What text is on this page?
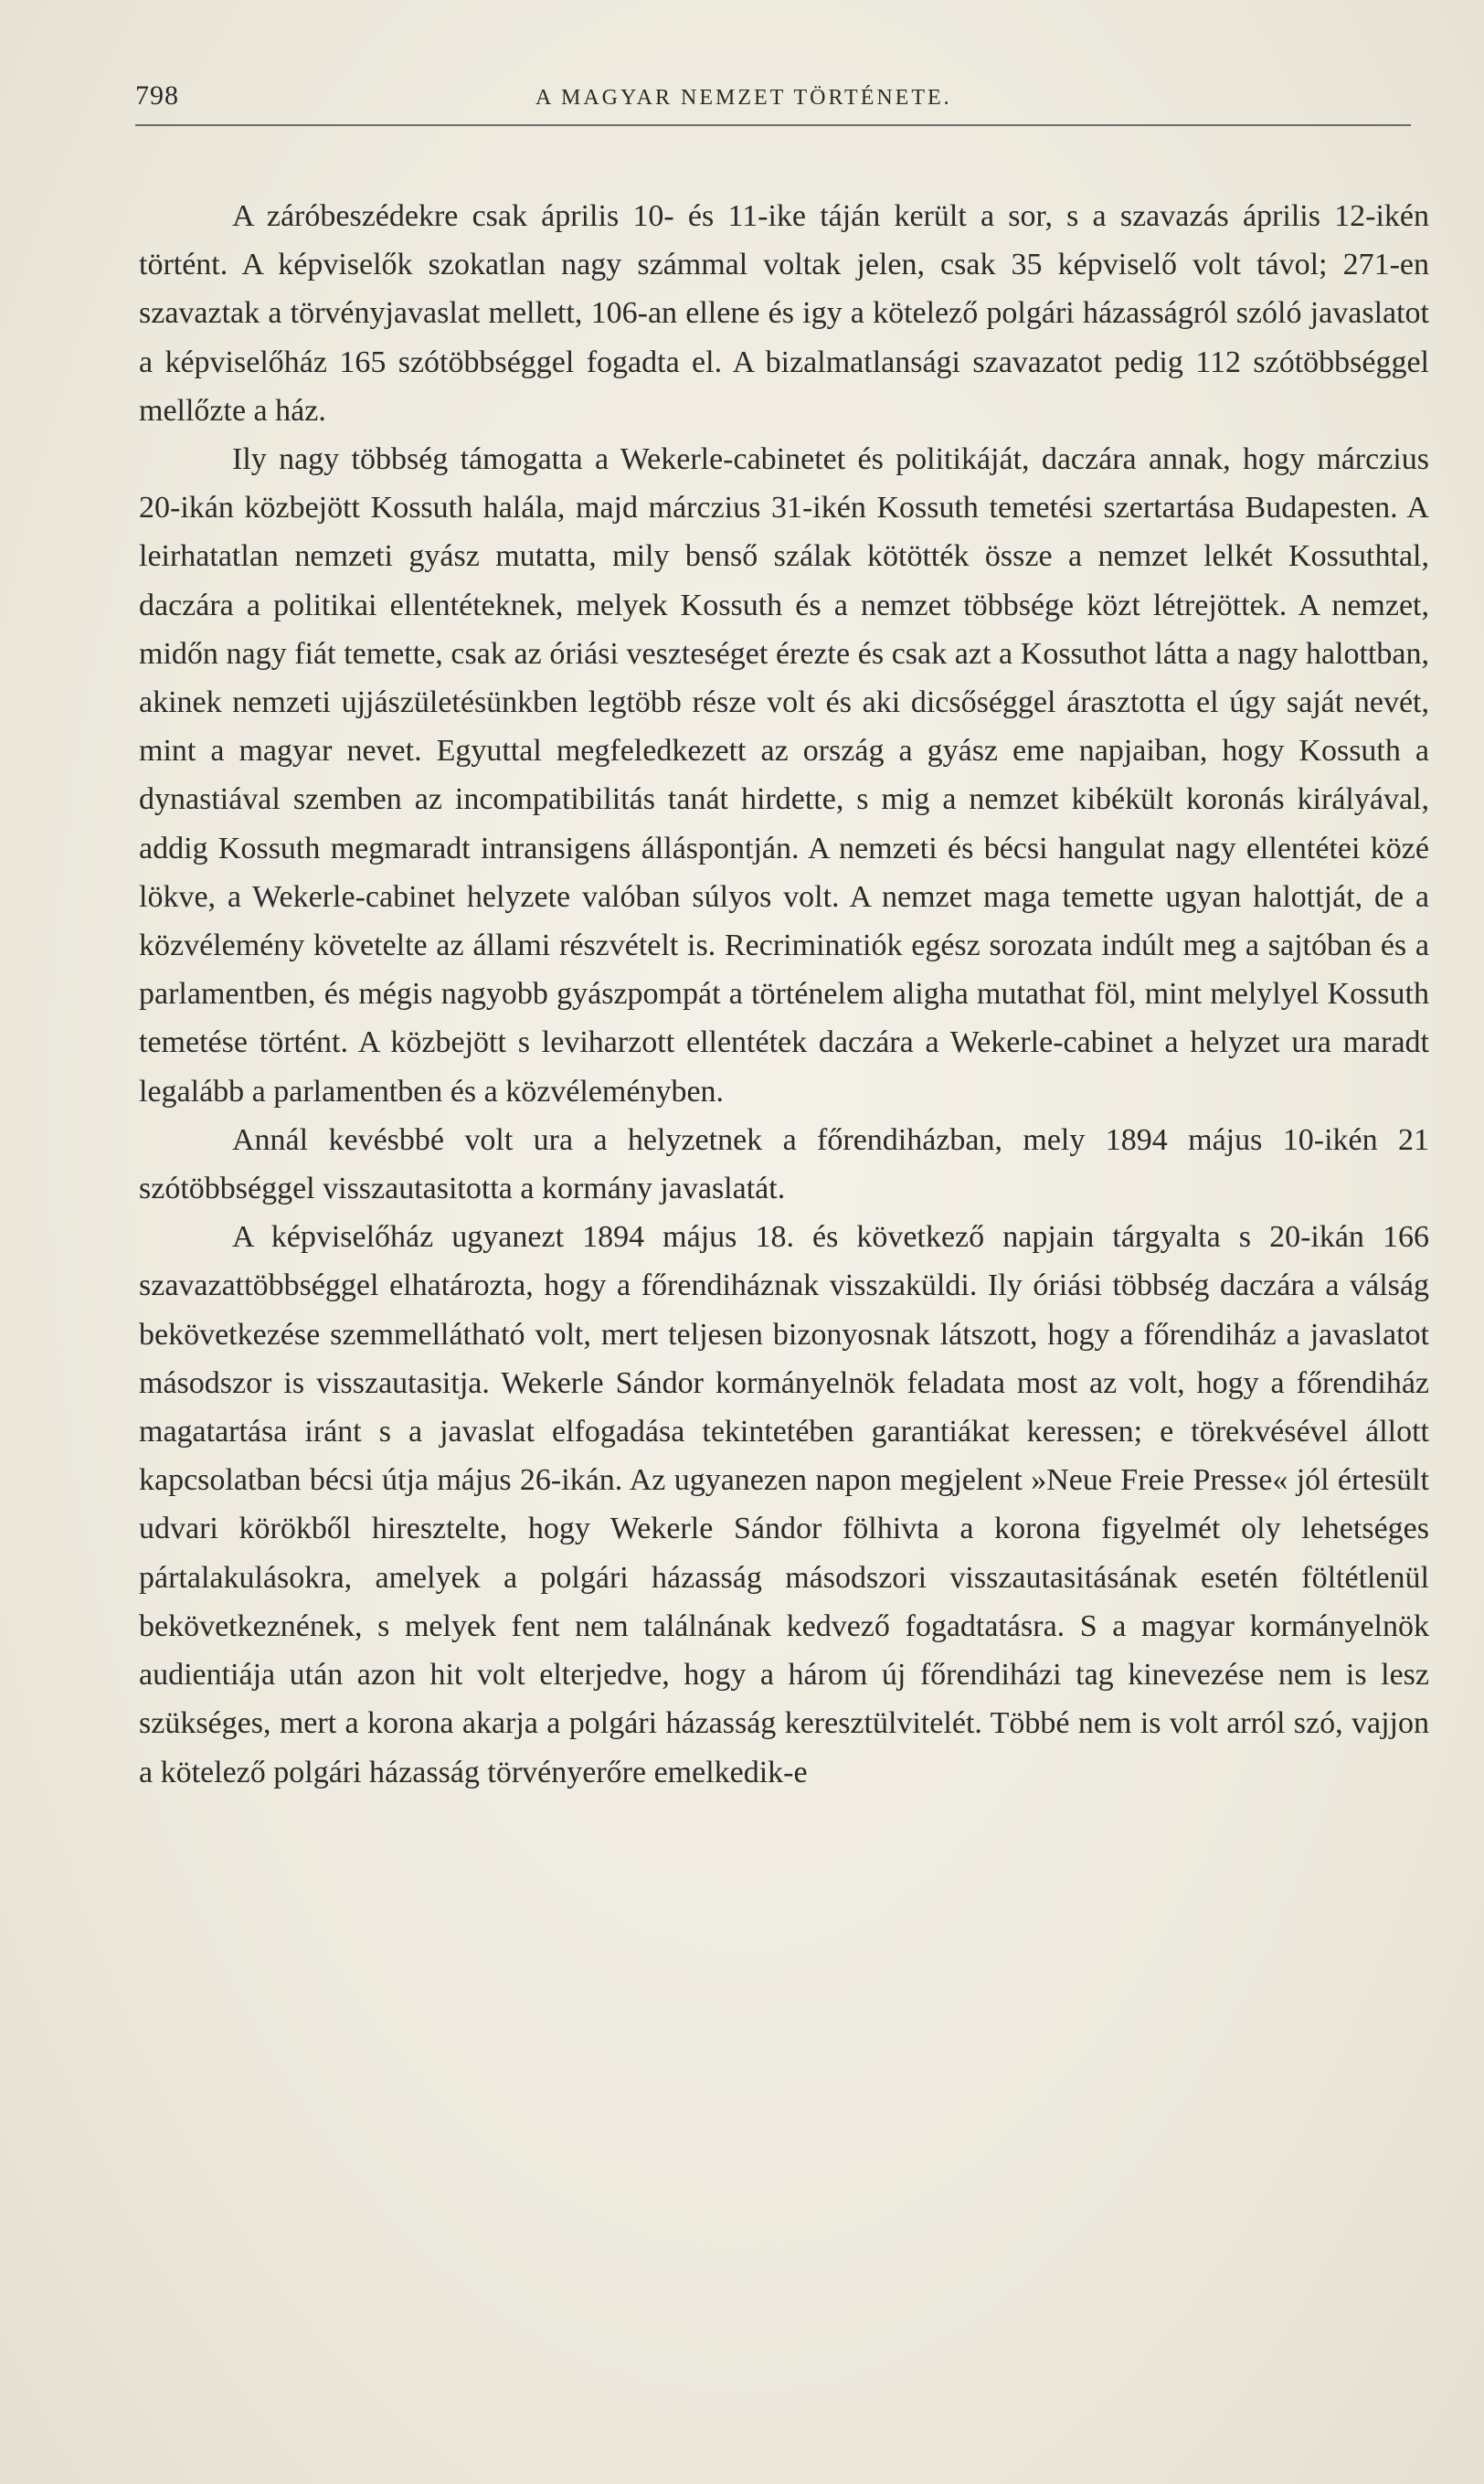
798	A MAGYAR NEMZET TÖRTÉNETE.

A záróbeszédekre csak április 10- és 11-ike táján került a sor, s a szavazás április 12-ikén történt. A képviselők szokatlan nagy számmal voltak jelen, csak 35 képviselő volt távol; 271-en szavaztak a törvényjavaslat mellett, 106-an ellene és igy a kötelező polgári házasságról szóló javaslatot a képviselőház 165 szótöbbséggel fogadta el. A bizalmatlansági szavazatot pedig 112 szótöbbséggel mellőzte a ház.

Ily nagy többség támogatta a Wekerle-cabinetet és politikáját, daczára annak, hogy márczius 20-ikán közbejött Kossuth halála, majd márczius 31-ikén Kossuth temetési szertartása Budapesten. A leirhatatlan nemzeti gyász mutatta, mily benső szálak kötötték össze a nemzet lelkét Kossuthtal, daczára a politikai ellentéteknek, melyek Kossuth és a nemzet többsége közt létrejöttek. A nemzet, midőn nagy fiát temette, csak az óriási veszteséget érezte és csak azt a Kossuthot látta a nagy halottban, akinek nemzeti ujjászületésünkben legtöbb része volt és aki dicsőséggel árasztotta el úgy saját nevét, mint a magyar nevet. Egyuttal megfeledkezett az ország a gyász eme napjaiban, hogy Kossuth a dynastiával szemben az incompatibilitás tanát hirdette, s mig a nemzet kibékült koronás királyával, addig Kossuth megmaradt intransigens álláspontján. A nemzeti és bécsi hangulat nagy ellentétei közé lökve, a Wekerle-cabinet helyzete valóban súlyos volt. A nemzet maga temette ugyan halottját, de a közvélemény követelte az állami részvételt is. Recriminatiók egész sorozata indúlt meg a sajtóban és a parlamentben, és mégis nagyobb gyászpompát a történelem aligha mutathat föl, mint melylyel Kossuth temetése történt. A közbejött s leviharzott ellentétek daczára a Wekerle-cabinet a helyzet ura maradt legalább a parlamentben és a közvéleményben.

Annál kevésbbé volt ura a helyzetnek a főrendiházban, mely 1894 május 10-ikén 21 szótöbbséggel visszautasitotta a kormány javaslatát.

A képviselőház ugyanezt 1894 május 18. és következő napjain tárgyalta s 20-ikán 166 szavazattöbbséggel elhatározta, hogy a főrendiháznak visszaküldi. Ily óriási többség daczára a válság bekövetkezése szemmellátható volt, mert teljesen bizonyosnak látszott, hogy a főrendiház a javaslatot másodszor is visszautasitja. Wekerle Sándor kormányelnök feladata most az volt, hogy a főrendiház magatartása iránt s a javaslat elfogadása tekintetében garantiákat keressen; e törekvésével állott kapcsolatban bécsi útja május 26-ikán. Az ugyanezen napon megjelent »Neue Freie Presse« jól értesült udvari körökből hiresztelte, hogy Wekerle Sándor fölhivta a korona figyelmét oly lehetséges pártalakulásokra, amelyek a polgári házasság másodszori visszautasitásának esetén föltétlenül bekövetkeznének, s melyek fent nem találnának kedvező fogadtatásra. S a magyar kormányelnök audientiája után azon hit volt elterjedve, hogy a három új főrendiházi tag kinevezése nem is lesz szükséges, mert a korona akarja a polgári házasság keresztülvitelét. Többé nem is volt arról szó, vajjon a kötelező polgári házasság törvényerőre emelkedik-e
